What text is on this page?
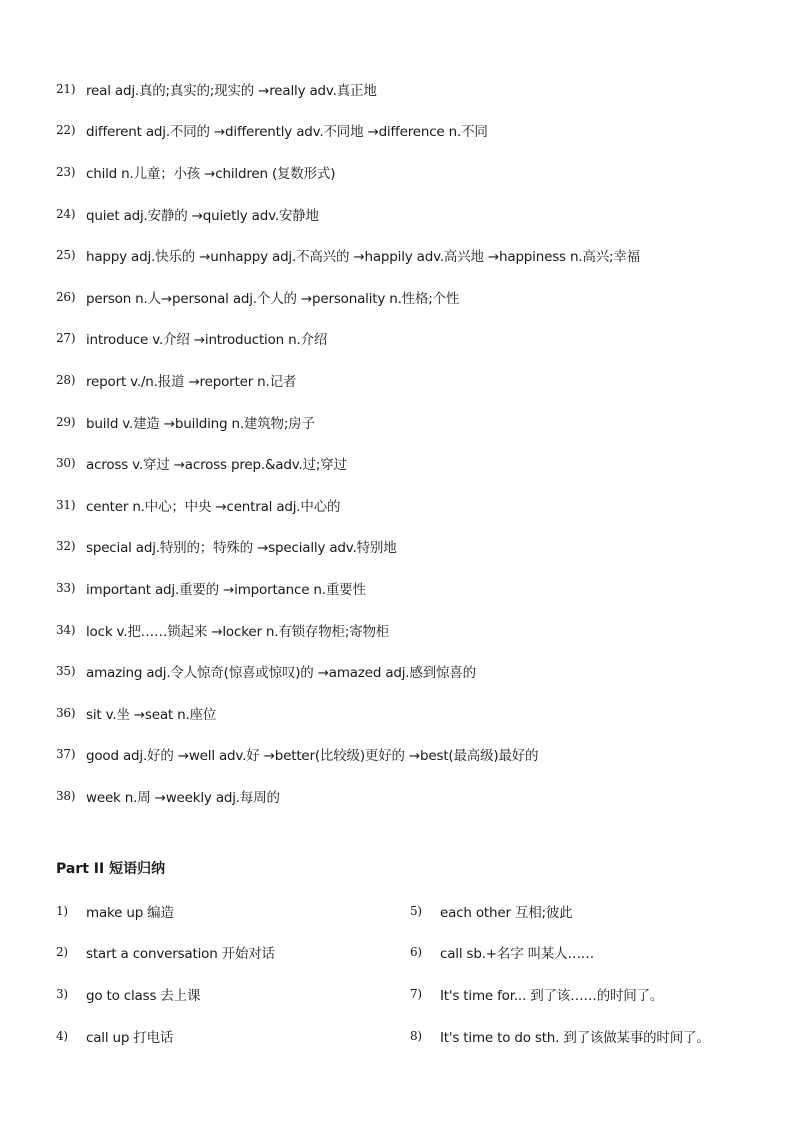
21) real adj.真的;真实的;现实的 →really adv.真正地
22) different adj.不同的 →differently adv.不同地 →difference n.不同
23) child n.儿童；小孩 →children (复数形式)
24) quiet adj.安静的 →quietly adv.安静地
25) happy adj.快乐的 →unhappy adj.不高兴的 →happily adv.高兴地 →happiness n.高兴;幸福
26) person n.人→personal adj.个人的 →personality n.性格;个性
27) introduce v.介绍 →introduction n.介绍
28) report v./n.报道 →reporter n.记者
29) build v.建造 →building n.建筑物;房子
30) across v.穿过 →across prep.&adv.过;穿过
31) center n.中心；中央 →central adj.中心的
32) special adj.特别的；特殊的 →specially adv.特别地
33) important adj.重要的 →importance n.重要性
34) lock v.把……锁起来 →locker n.有锁存物柜;寄物柜
35) amazing adj.令人惊奇(惊喜或惊叹)的 →amazed adj.感到惊喜的
36) sit v.坐 →seat n.座位
37) good adj.好的 →well adv.好 →better(比较级)更好的 →best(最高级)最好的
38) week n.周 →weekly adj.每周的
Part II 短语归纳
1)	make up 编造
2)	start a conversation 开始对话
3)	go to class 去上课
4)	call up 打电话
5)	each other 互相;彼此
6)	call sb.+名字 叫某人……
7)	It's time for... 到了该……的时间了。
8)	It's time to do sth. 到了该做某事的时间了。
